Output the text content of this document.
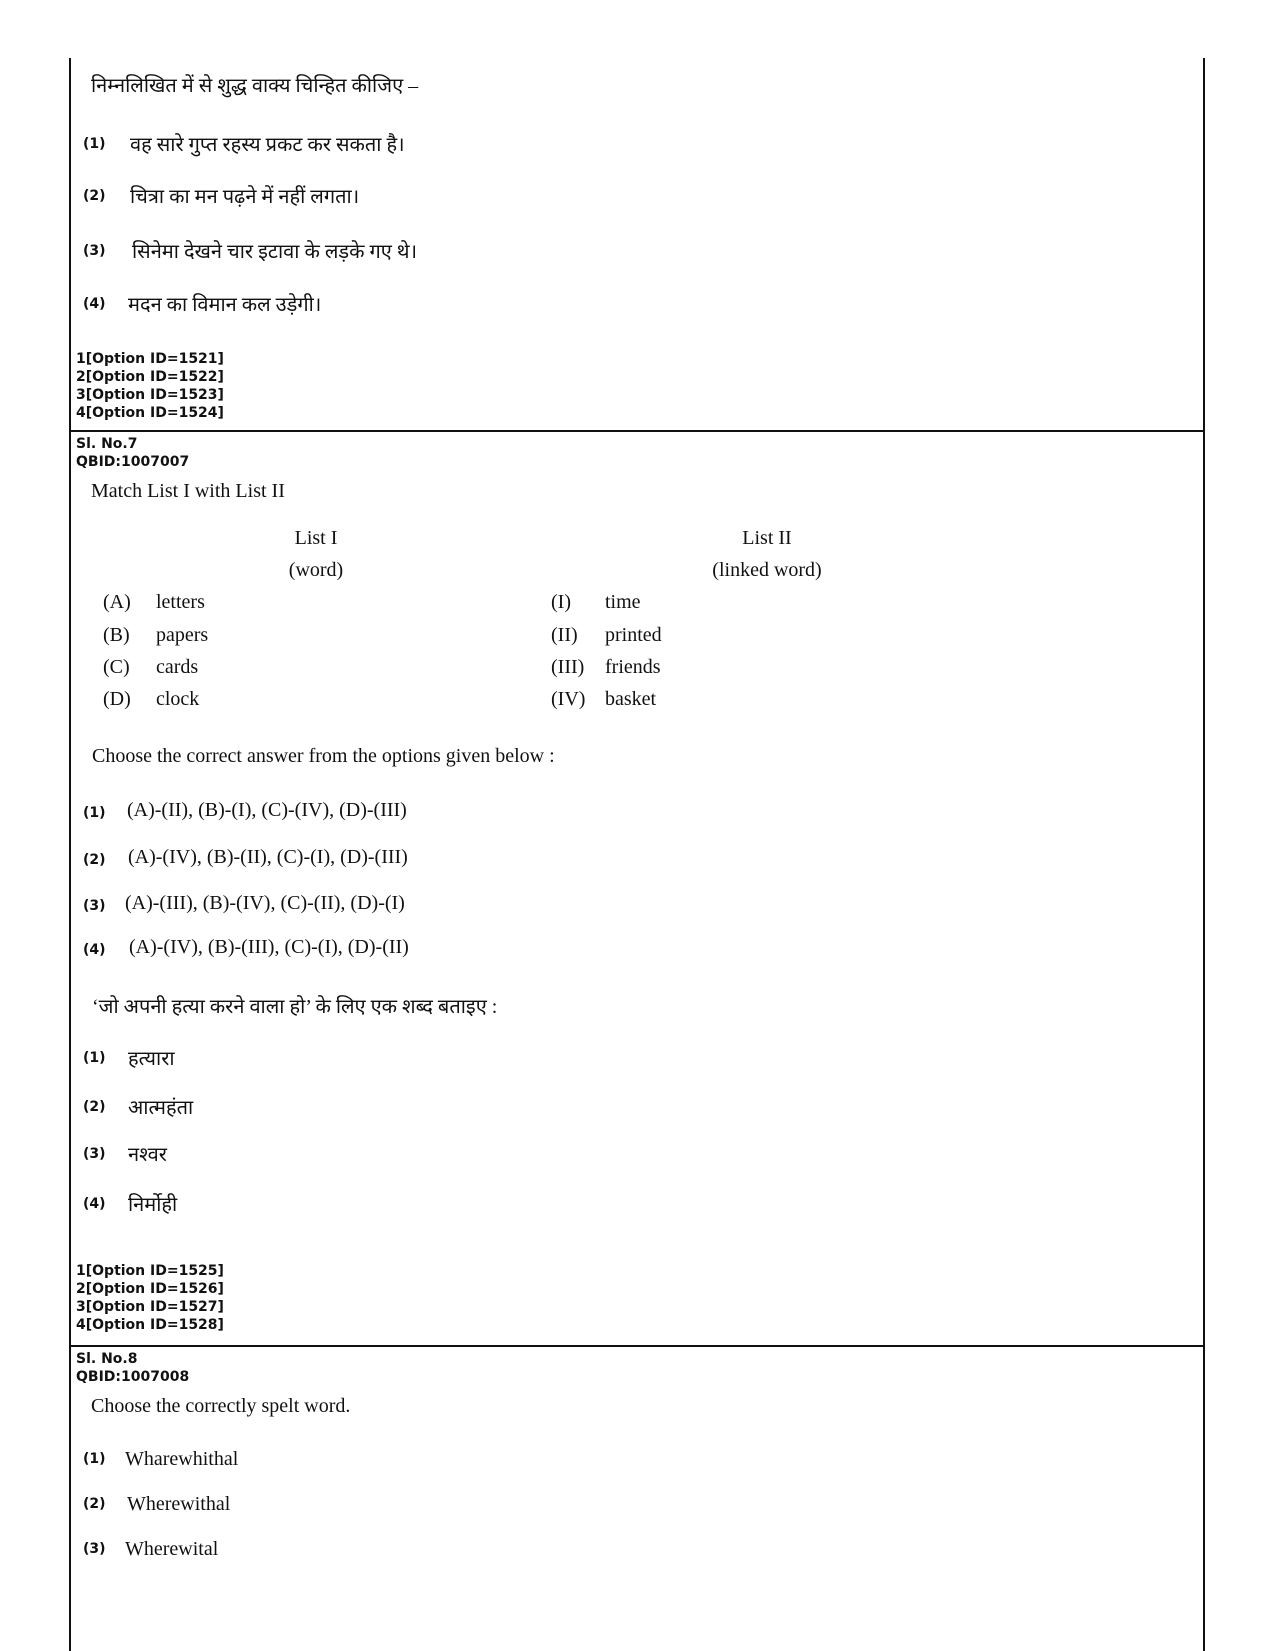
निम्नलिखित में से शुद्ध वाक्य चिन्हित कीजिए –
(1) वह सारे गुप्त रहस्य प्रकट कर सकता है।
(2) चित्रा का मन पढ़ने में नहीं लगता।
(3) सिनेमा देखने चार इटावा के लड़के गए थे।
(4) मदन का विमान कल उड़ेगी।
1[Option ID=1521]
2[Option ID=1522]
3[Option ID=1523]
4[Option ID=1524]
Sl. No.7
QBID:1007007
Match List I with List II
List I
(word)
List II
(linked word)
(A) letters	(I) time
(B) papers	(II) printed
(C) cards	(III) friends
(D) clock	(IV) basket
Choose the correct answer from the options given below :
(1) (A)-(II), (B)-(I), (C)-(IV), (D)-(III)
(2) (A)-(IV), (B)-(II), (C)-(I), (D)-(III)
(3) (A)-(III), (B)-(IV), (C)-(II), (D)-(I)
(4) (A)-(IV), (B)-(III), (C)-(I), (D)-(II)
‘जो अपनी हत्या करने वाला हो’ के लिए एक शब्द बताइए :
(1) हत्यारा
(2) आत्महंता
(3) नश्वर
(4) निर्मोही
1[Option ID=1525]
2[Option ID=1526]
3[Option ID=1527]
4[Option ID=1528]
Sl. No.8
QBID:1007008
Choose the correctly spelt word.
(1) Wharewhithal
(2) Wherewithal
(3) Wherewital
